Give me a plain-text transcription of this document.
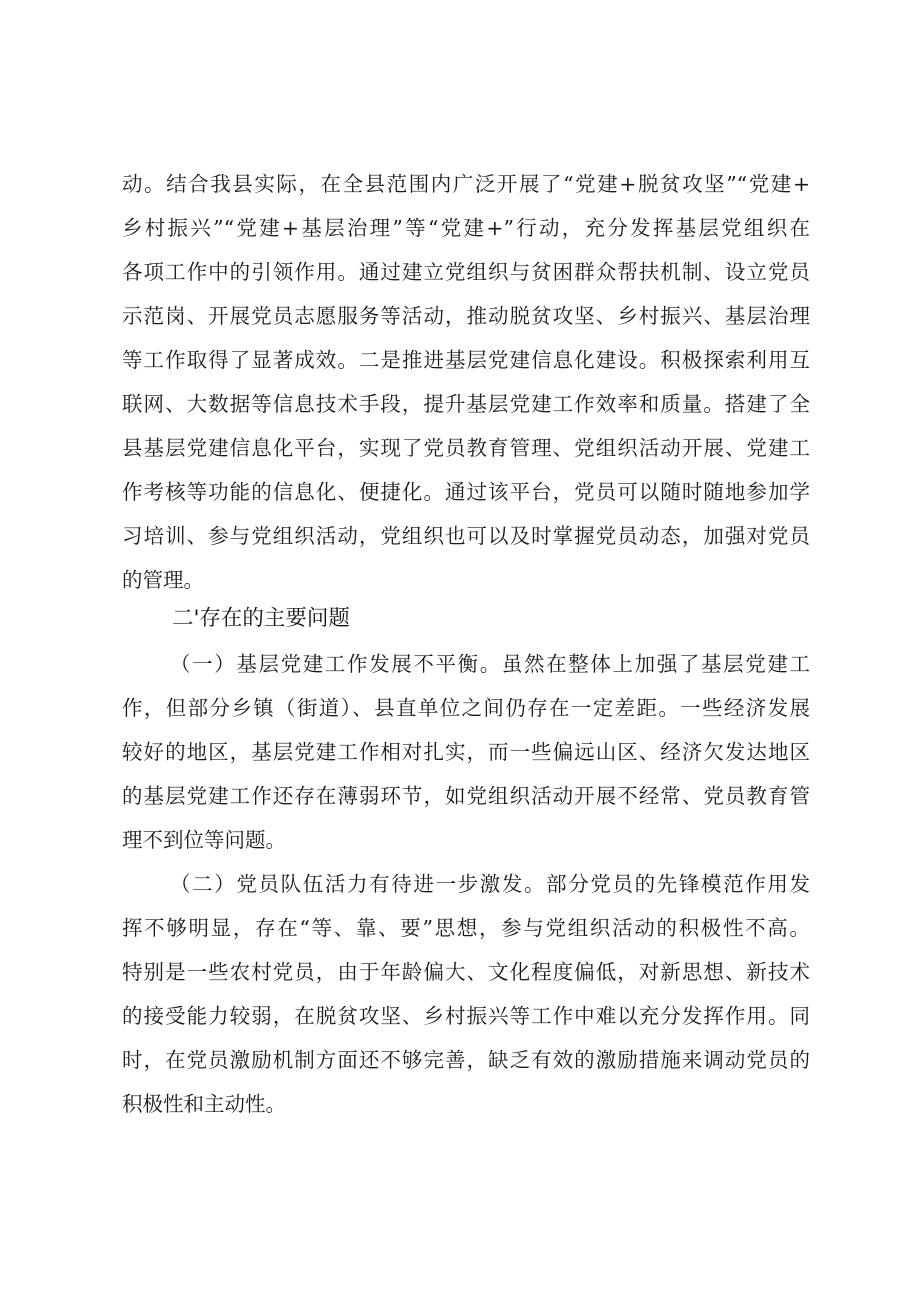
动。结合我县实际，在全县范围内广泛开展了“党建+脱贫攻坚”“党建+
乡村振兴”“党建+基层治理”等“党建+”行动，充分发挥基层党组织在
各项工作中的引领作用。通过建立党组织与贫困群众帮扶机制、设立党员
示范岗、开展党员志愿服务等活动，推动脱贫攻坚、乡村振兴、基层治理
等工作取得了显著成效。二是推进基层党建信息化建设。积极探索利用互
联网、大数据等信息技术手段，提升基层党建工作效率和质量。搭建了全
县基层党建信息化平台，实现了党员教育管理、党组织活动开展、党建工
作考核等功能的信息化、便捷化。通过该平台，党员可以随时随地参加学
习培训、参与党组织活动，党组织也可以及时掌握党员动态，加强对党员
的管理。
二'存在的主要问题
（一）基层党建工作发展不平衡。虽然在整体上加强了基层党建工
作，但部分乡镇（街道）、县直单位之间仍存在一定差距。一些经济发展
较好的地区，基层党建工作相对扎实，而一些偏远山区、经济欠发达地区
的基层党建工作还存在薄弱环节，如党组织活动开展不经常、党员教育管
理不到位等问题。
（二）党员队伍活力有待进一步激发。部分党员的先锋模范作用发
挥不够明显，存在“等、靠、要”思想，参与党组织活动的积极性不高。
特别是一些农村党员，由于年龄偏大、文化程度偏低，对新思想、新技术
的接受能力较弱，在脱贫攻坚、乡村振兴等工作中难以充分发挥作用。同
时，在党员激励机制方面还不够完善，缺乏有效的激励措施来调动党员的
积极性和主动性。
